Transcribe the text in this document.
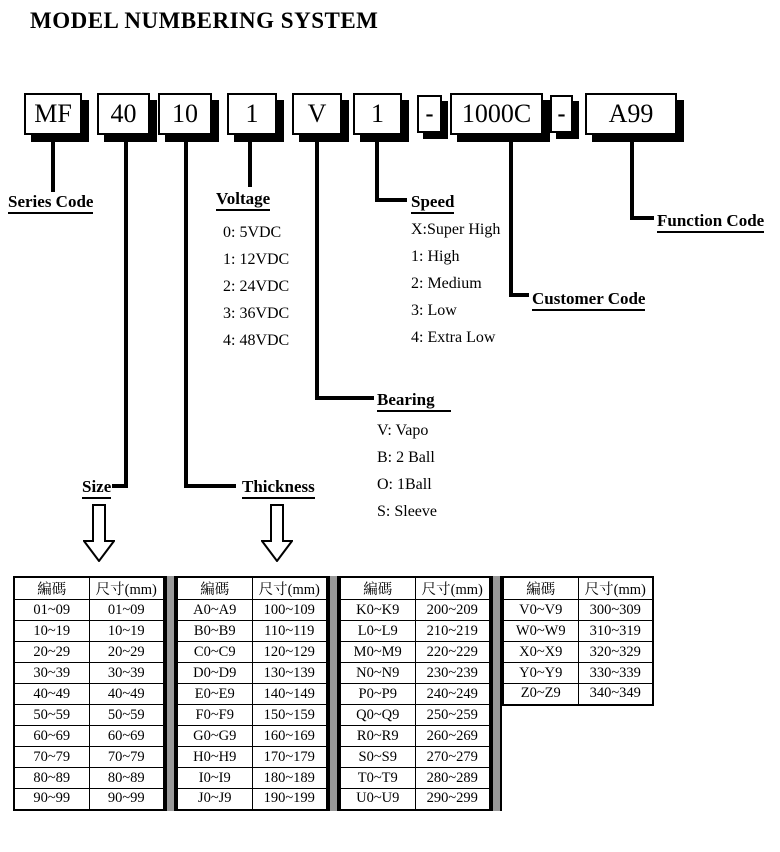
MODEL NUMBERING SYSTEM
MF	40	10	1	V	1	-	1000C	-	A99
Series Code	Voltage	Speed
Function Code
Customer Code
Bearing
Size	Thickness
0: 5VDC
1: 12VDC
2: 24VDC
3: 36VDC
4: 48VDC
X:Super High
1: High
2: Medium
3: Low
4: Extra Low
V: Vapo
B: 2 Ball
O: 1Ball
S: Sleeve
編碼	尺寸(mm)
01~09	01~09
10~19	10~19
20~29	20~29
30~39	30~39
40~49	40~49
50~59	50~59
60~69	60~69
70~79	70~79
80~89	80~89
90~99	90~99
編碼	尺寸(mm)
A0~A9	100~109
B0~B9	110~119
C0~C9	120~129
D0~D9	130~139
E0~E9	140~149
F0~F9	150~159
G0~G9	160~169
H0~H9	170~179
I0~I9	180~189
J0~J9	190~199
編碼	尺寸(mm)
K0~K9	200~209
L0~L9	210~219
M0~M9	220~229
N0~N9	230~239
P0~P9	240~249
Q0~Q9	250~259
R0~R9	260~269
S0~S9	270~279
T0~T9	280~289
U0~U9	290~299
編碼	尺寸(mm)
V0~V9	300~309
W0~W9	310~319
X0~X9	320~329
Y0~Y9	330~339
Z0~Z9	340~349
